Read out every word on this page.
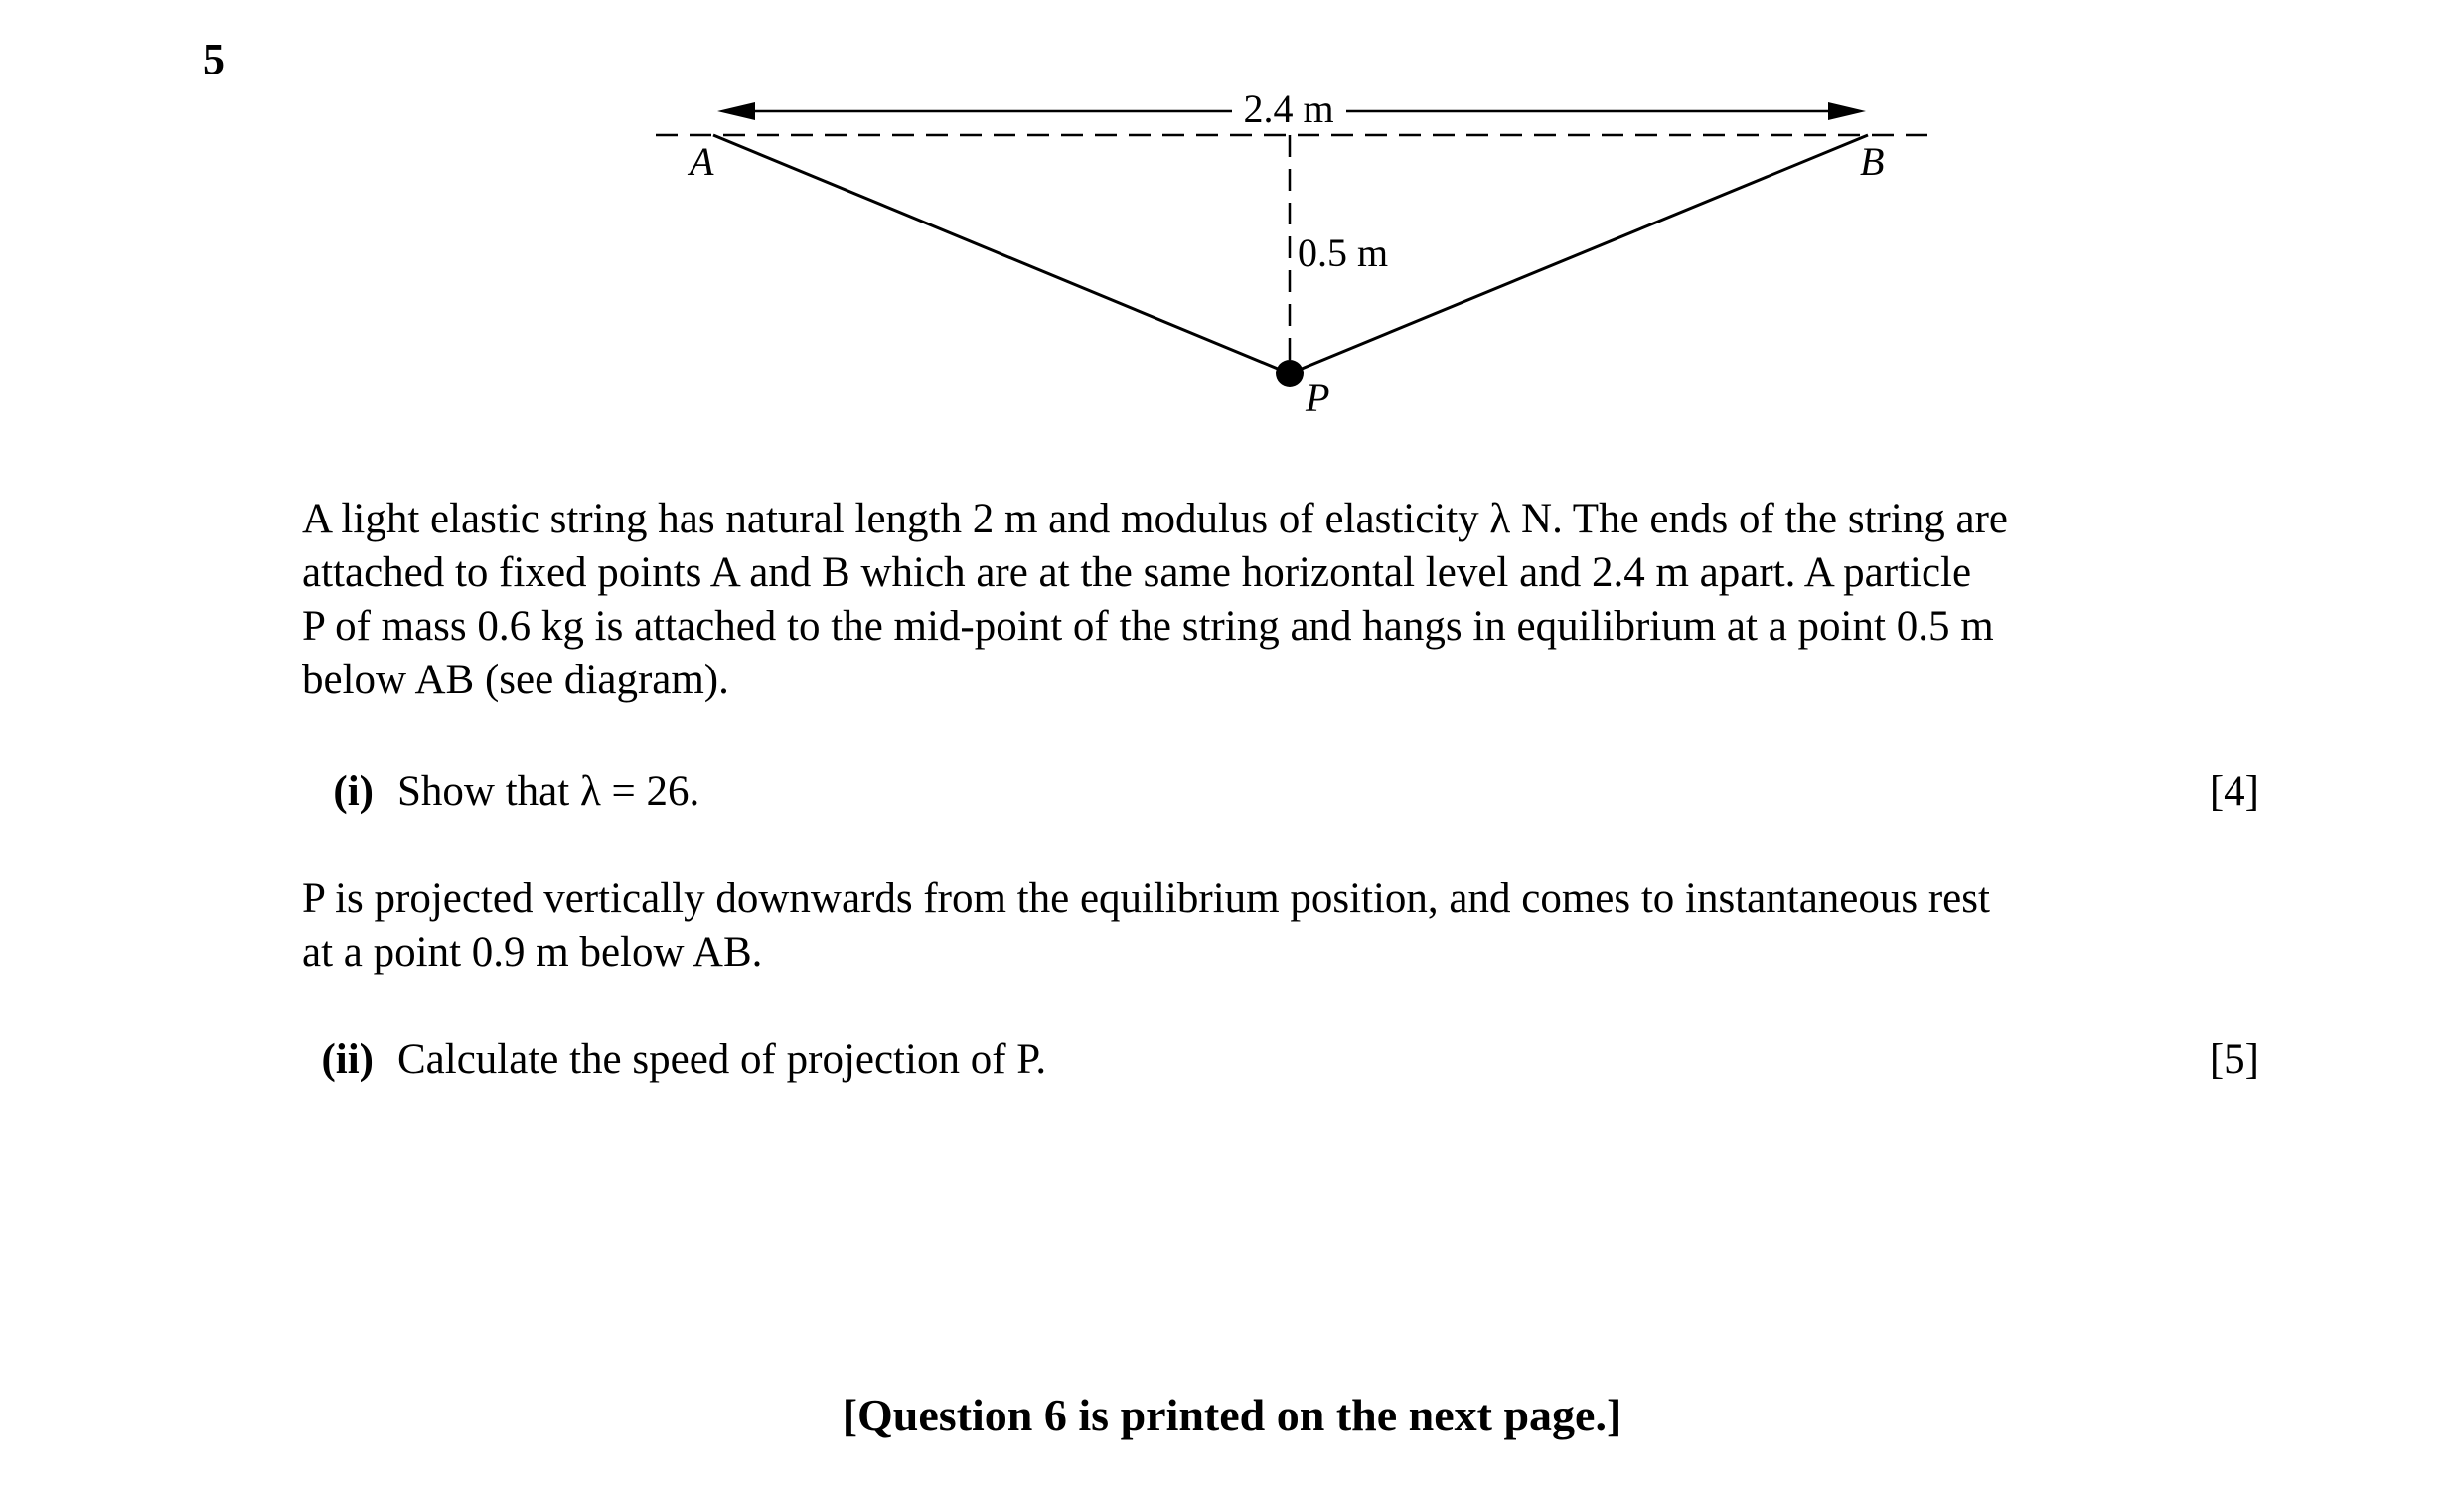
5
2.4 m
0.5 m
A	B
P
A light elastic string has natural length 2 m and modulus of elasticity λ N. The ends of the string are
attached to fixed points A and B which are at the same horizontal level and 2.4 m apart. A particle
P of mass 0.6 kg is attached to the mid-point of the string and hangs in equilibrium at a point 0.5 m
below AB (see diagram).
(i) Show that λ = 26.	[4]
P is projected vertically downwards from the equilibrium position, and comes to instantaneous rest
at a point 0.9 m below AB.
(ii) Calculate the speed of projection of P.	[5]
[Question 6 is printed on the next page.]
